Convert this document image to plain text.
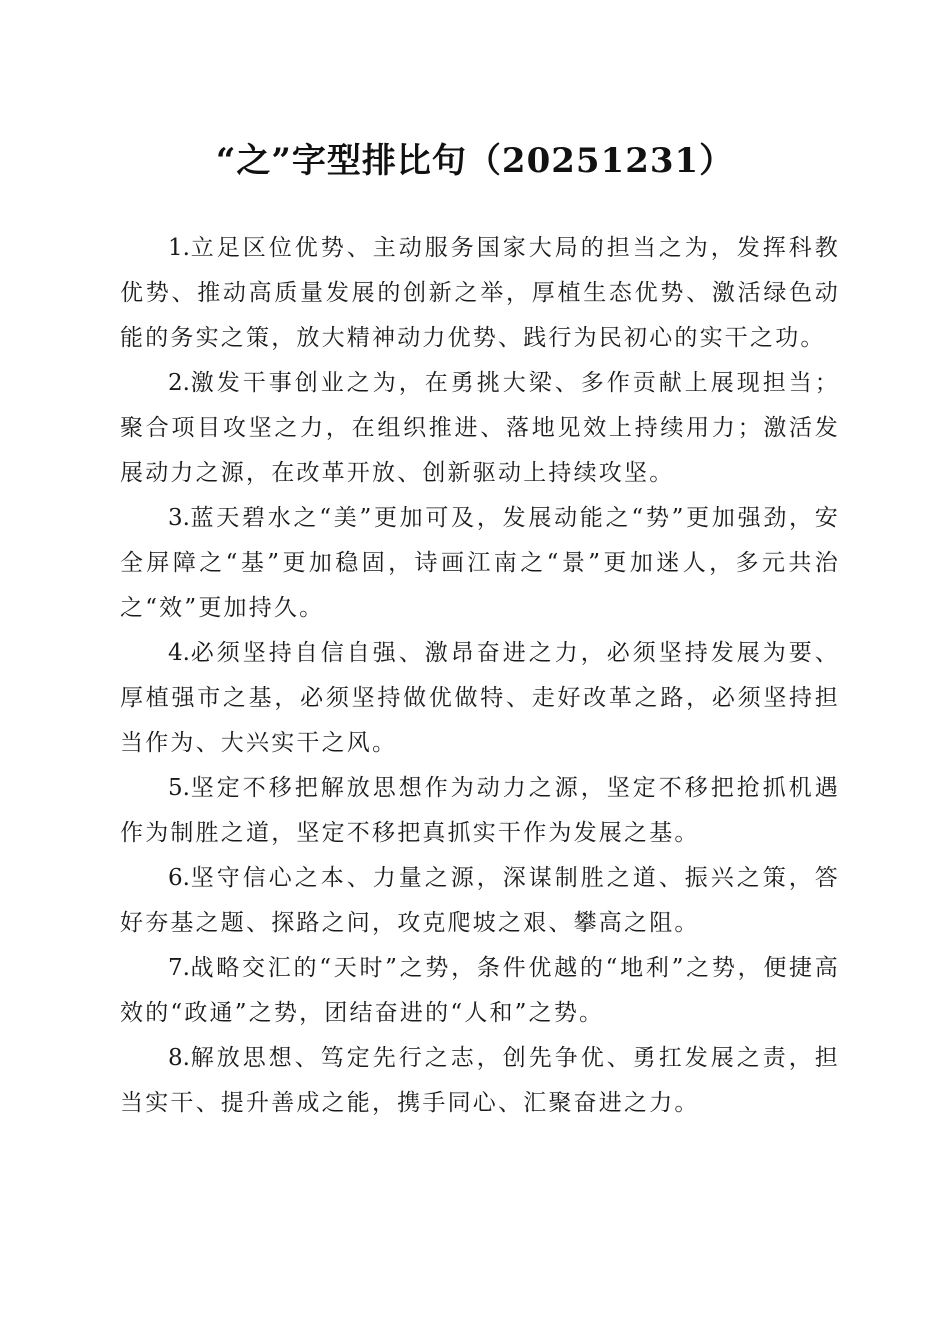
“之”字型排比句（20251231）

1.立足区位优势、主动服务国家大局的担当之为，发挥科教优势、推动高质量发展的创新之举，厚植生态优势、激活绿色动能的务实之策，放大精神动力优势、践行为民初心的实干之功。

2.激发干事创业之为，在勇挑大梁、多作贡献上展现担当；聚合项目攻坚之力，在组织推进、落地见效上持续用力；激活发展动力之源，在改革开放、创新驱动上持续攻坚。

3.蓝天碧水之“美”更加可及，发展动能之“势”更加强劲，安全屏障之“基”更加稳固，诗画江南之“景”更加迷人，多元共治之“效”更加持久。

4.必须坚持自信自强、激昂奋进之力，必须坚持发展为要、厚植强市之基，必须坚持做优做特、走好改革之路，必须坚持担当作为、大兴实干之风。

5.坚定不移把解放思想作为动力之源，坚定不移把抢抓机遇作为制胜之道，坚定不移把真抓实干作为发展之基。

6.坚守信心之本、力量之源，深谋制胜之道、振兴之策，答好夯基之题、探路之问，攻克爬坡之艰、攀高之阻。

7.战略交汇的“天时”之势，条件优越的“地利”之势，便捷高效的“政通”之势，团结奋进的“人和”之势。

8.解放思想、笃定先行之志，创先争优、勇扛发展之责，担当实干、提升善成之能，携手同心、汇聚奋进之力。
